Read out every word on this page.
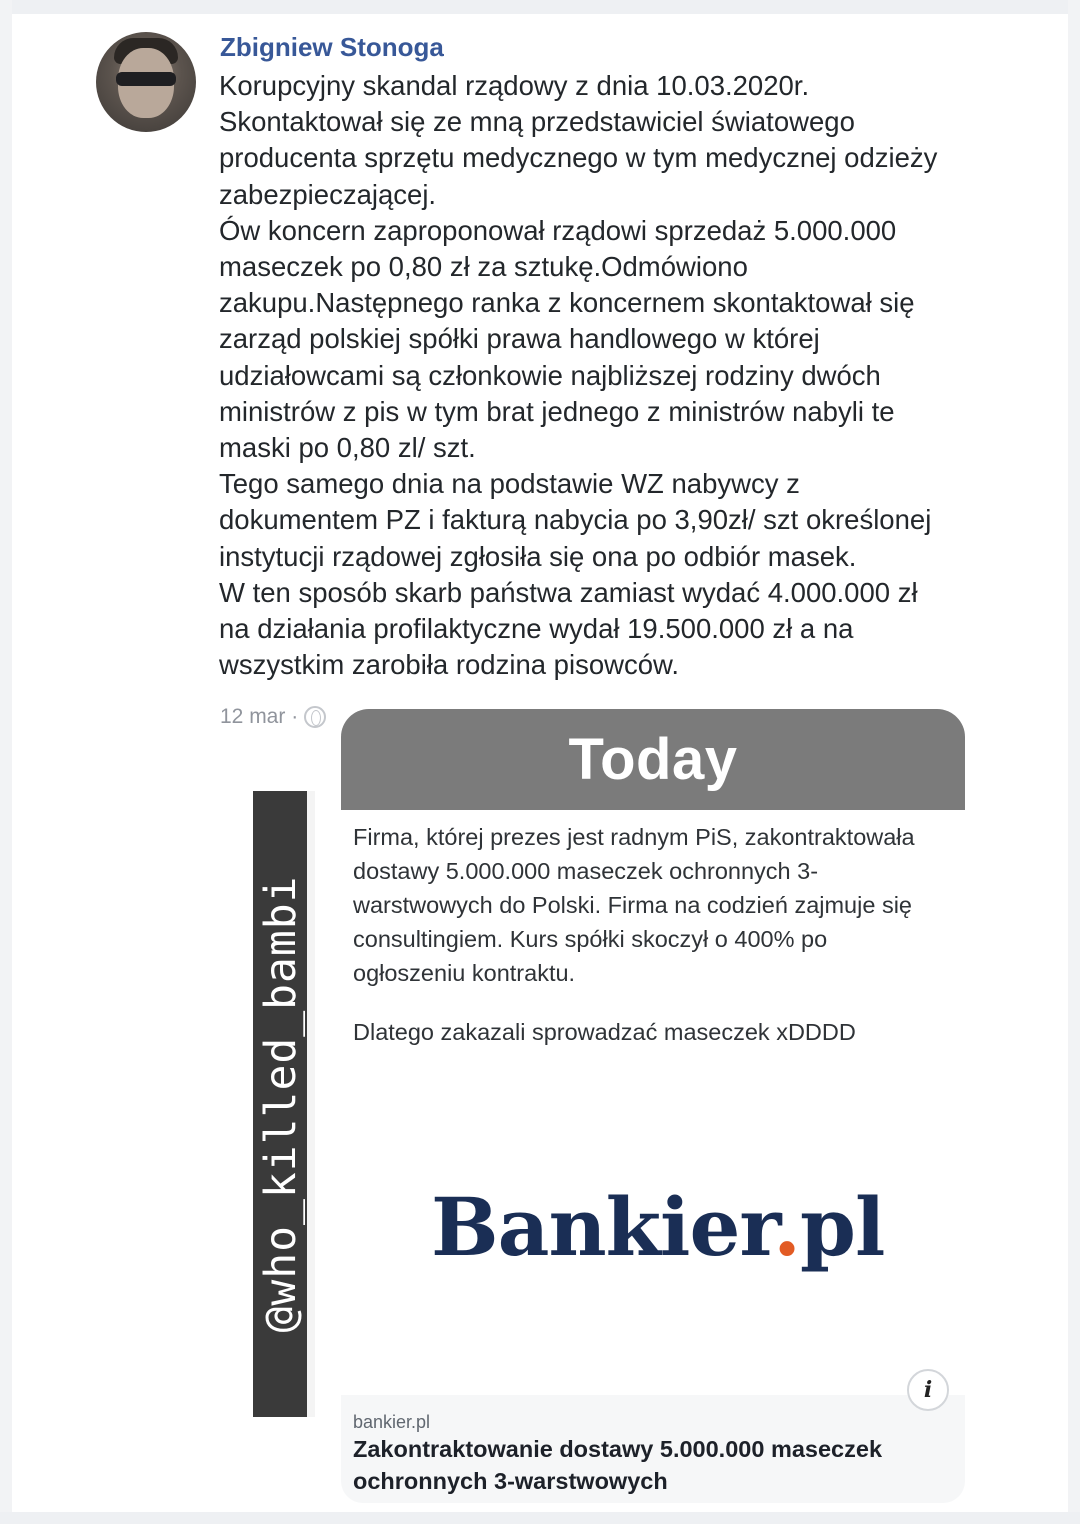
Zbigniew Stonoga

Korupcyjny skandal rządowy z dnia 10.03.2020r.
Skontaktował się ze mną przedstawiciel światowego
producenta sprzętu medycznego w tym medycznej odzieży
zabezpieczającej.
Ów koncern zaproponował rządowi sprzedaż 5.000.000
maseczek po 0,80 zł za sztukę.Odmówiono
zakupu.Następnego ranka z koncernem skontaktował się
zarząd polskiej spółki prawa handlowego w której
udziałowcami są członkowie najbliższej rodziny dwóch
ministrów z pis w tym brat jednego z ministrów nabyli te
maski po 0,80 zl/ szt.
Tego samego dnia na podstawie WZ nabywcy z
dokumentem PZ i fakturą nabycia po 3,90zł/ szt określonej
instytucji rządowej zgłosiła się ona po odbiór masek.
W ten sposób skarb państwa zamiast wydać 4.000.000 zł
na działania profilaktyczne wydał 19.500.000 zł a na
wszystkim zarobiła rodzina pisowców.

12 mar ·
@who_killed_bambi
Today

Firma, której prezes jest radnym PiS, zakontraktowała dostawy 5.000.000 maseczek ochronnych 3-warstwowych do Polski. Firma na codzień zajmuje się consultingiem. Kurs spółki skoczył o 400% po ogłoszeniu kontraktu.

Dlatego zakazali sprowadzać maseczek xDDDD

Bankier.pl
i
bankier.pl
Zakontraktowanie dostawy 5.000.000 maseczek ochronnych 3-warstwowych
